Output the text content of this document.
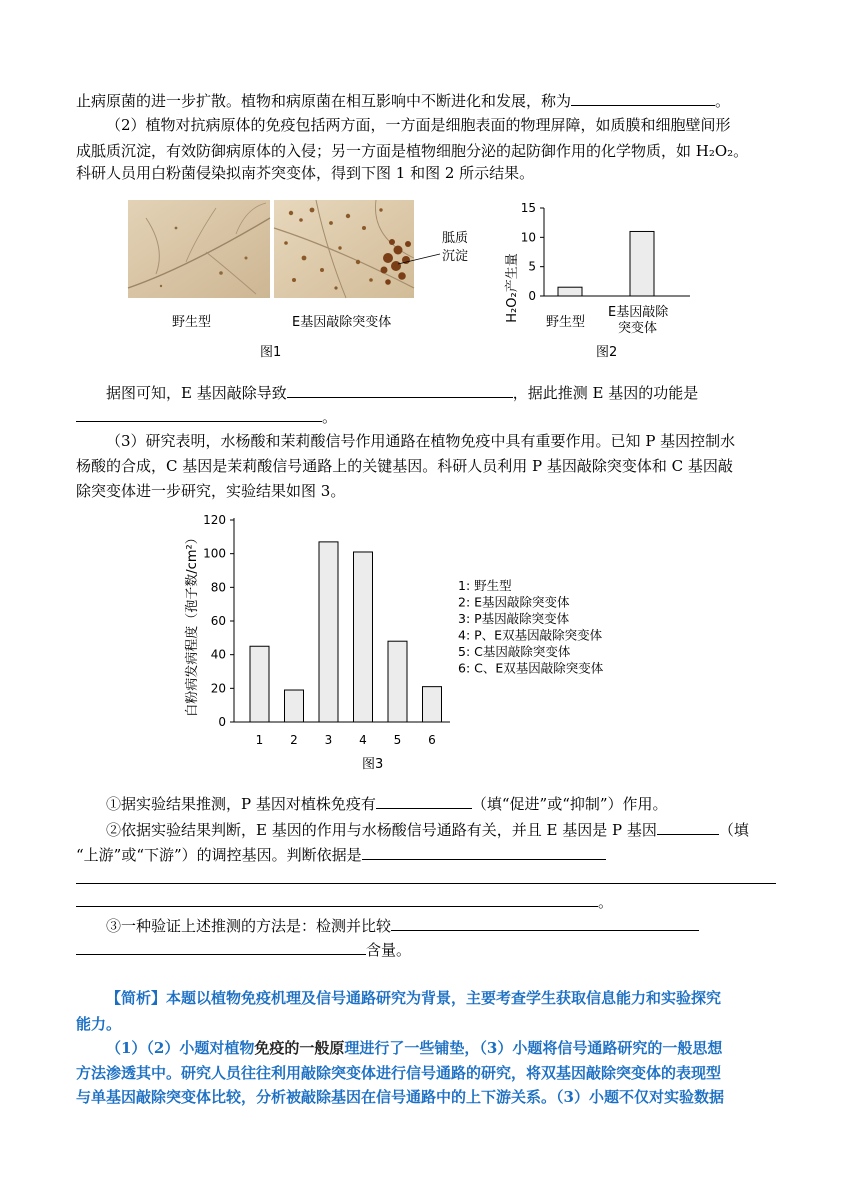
止病原菌的进一步扩散。植物和病原菌在相互影响中不断进化和发展，称为	。
（2）植物对抗病原体的免疫包括两方面，一方面是细胞表面的物理屏障，如质膜和细胞壁间形
成胝质沉淀，有效防御病原体的入侵；另一方面是植物细胞分泌的起防御作用的化学物质，如 H₂O₂。
科研人员用白粉菌侵染拟南芥突变体，得到下图 1 和图 2 所示结果。
胝质
沉淀
野生型	E基因敲除突变体
图1
H₂O₂产生量 0
5
10
15
野生型
E基因敲除
突变体
图2
据图可知，E 基因敲除导致	，据此推测 E 基因的功能是
。
（3）研究表明，水杨酸和茉莉酸信号作用通路在植物免疫中具有重要作用。已知 P 基因控制水
杨酸的合成，C 基因是茉莉酸信号通路上的关键基因。科研人员利用 P 基因敲除突变体和 C 基因敲
除突变体进一步研究，实验结果如图 3。
白粉病发病程度（孢子数/cm²）
0
20
40
60
80
100
120
1 2 3 4 5 6
1: 野生型
2: E基因敲除突变体
3: P基因敲除突变体
4: P、E双基因敲除突变体
5: C基因敲除突变体
6: C、E双基因敲除突变体
图3
①据实验结果推测，P 基因对植株免疫有	（填“促进”或“抑制”）作用。
②依据实验结果判断，E 基因的作用与水杨酸信号通路有关，并且 E 基因是 P 基因	（填
“上游”或“下游”）的调控基因。判断依据是
。
③一种验证上述推测的方法是：检测并比较
含量。
【简析】本题以植物免疫机理及信号通路研究为背景，主要考查学生获取信息能力和实验探究
能力。
（1）（2）小题对植物免疫的一般原理进行了一些铺垫，（3）小题将信号通路研究的一般思想
方法渗透其中。研究人员往往利用敲除突变体进行信号通路的研究，将双基因敲除突变体的表现型
与单基因敲除突变体比较，分析被敲除基因在信号通路中的上下游关系。（3）小题不仅对实验数据
